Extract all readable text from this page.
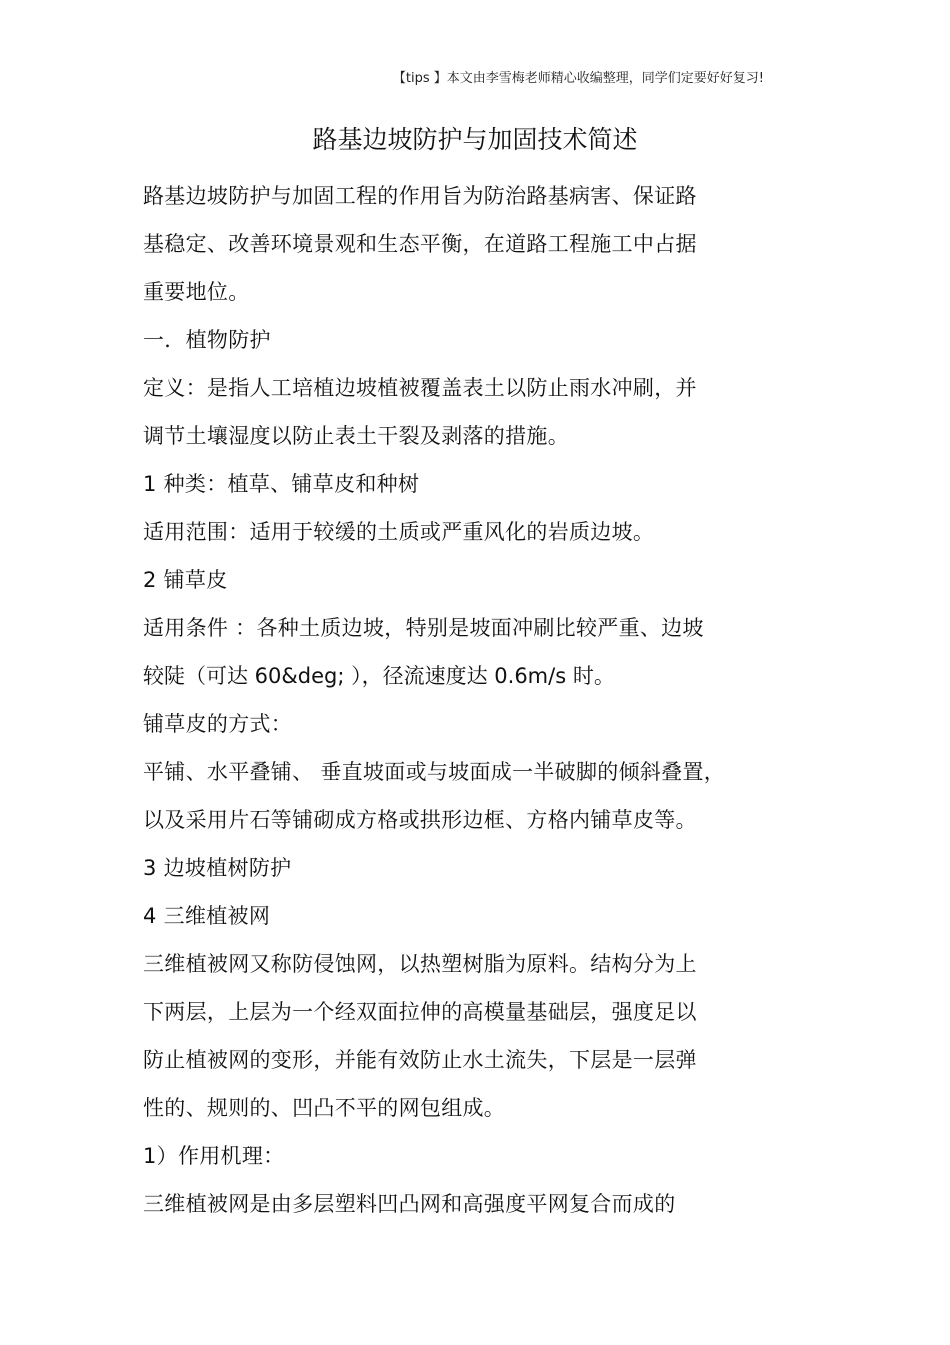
【tips 】本文由李雪梅老师精心收编整理，同学们定要好好复习!
路基边坡防护与加固技术简述
路基边坡防护与加固工程的作用旨为防治路基病害、保证路
基稳定、改善环境景观和生态平衡，在道路工程施工中占据
重要地位。
一．植物防护
定义：是指人工培植边坡植被覆盖表土以防止雨水冲刷，并
调节土壤湿度以防止表土干裂及剥落的措施。
1 种类：植草、铺草皮和种树
适用范围：适用于较缓的土质或严重风化的岩质边坡。
2 铺草皮
适用条件 ：各种土质边坡，特别是坡面冲刷比较严重、边坡
较陡（可达 60&deg; ），径流速度达 0.6m/s 时。
铺草皮的方式：
平铺、水平叠铺、 垂直坡面或与坡面成一半破脚的倾斜叠置，
以及采用片石等铺砌成方格或拱形边框、方格内铺草皮等。
3 边坡植树防护
4 三维植被网
三维植被网又称防侵蚀网，以热塑树脂为原料。结构分为上
下两层，上层为一个经双面拉伸的高模量基础层，强度足以
防止植被网的变形，并能有效防止水土流失，下层是一层弹
性的、规则的、凹凸不平的网包组成。
1）作用机理：
三维植被网是由多层塑料凹凸网和高强度平网复合而成的
